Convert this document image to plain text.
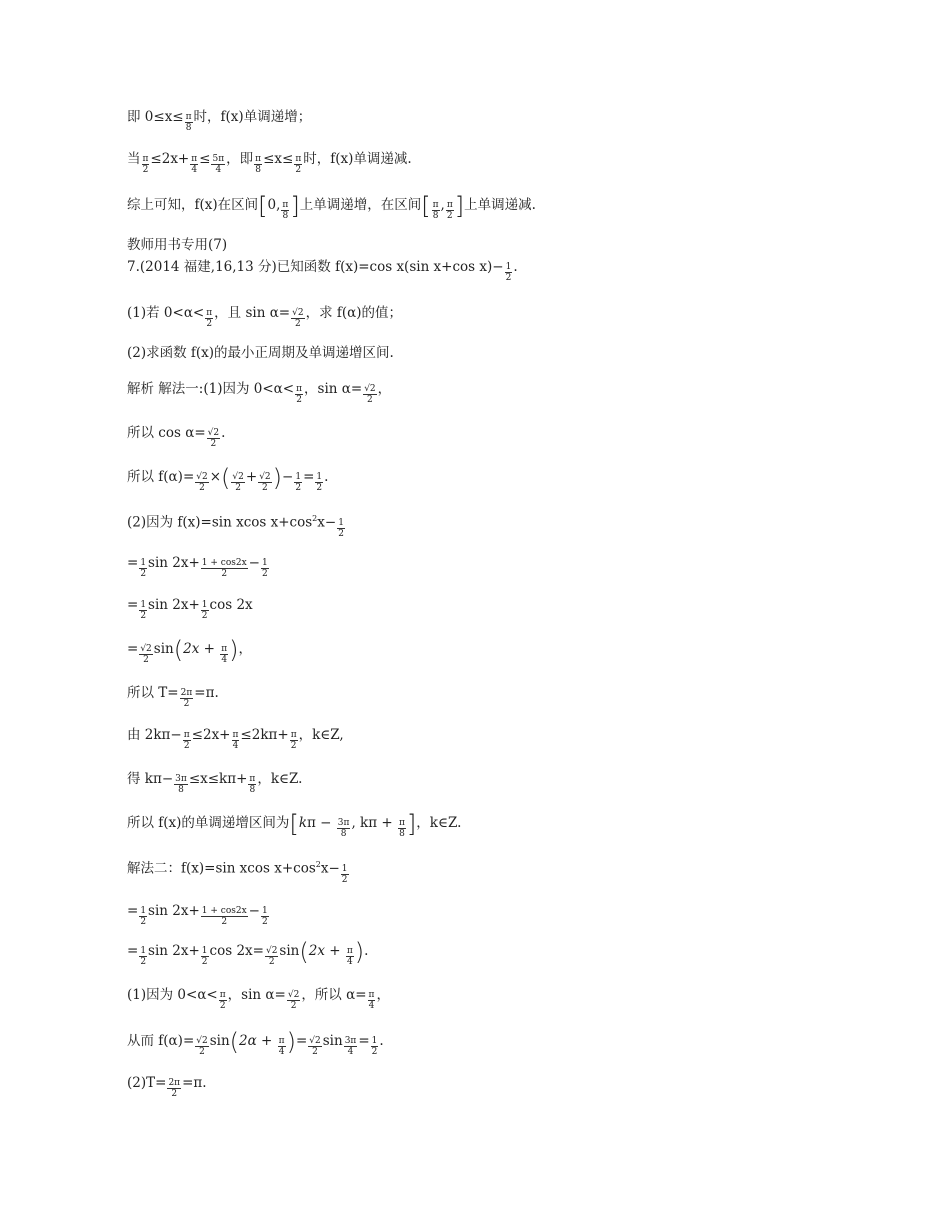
即 $0\le x\le \frac{\pi}{8}$ 时，f(x)单调递增；
当 $\frac{\pi}{2} \le 2x+ \frac{\pi}{4} \le \frac{5\pi}{4}$ ，即 $\frac{\pi}{8} \le x\le \frac{\pi}{2}$ 时，f(x)单调递减.
综上可知，f(x)在区间[0, $\frac{\pi}{8}$ ]上单调递增，在区间[ $\frac{\pi}{8}$ , $\frac{\pi}{2}$ ]上单调递减.
教师用书专用(7)
7.(2014 福建,16,13 分)已知函数 f(x)=cos x(sin x+cos $x)- \frac{1}{2}$ .
(1)若 $0<\alpha< \frac{\pi}{2}$ ，且 $\sin \alpha= \frac{√2}{2}$ ，求 f(α)的值；
(2)求函数 f(x)的最小正周期及单调递增区间.
解析 解法一:(1)因为 $0<\alpha< \frac{\pi}{2}$ ，$\sin \alpha= \frac{√2}{2}$ ，
所以 $\cos \alpha= \frac{√2}{2}$ .
所以 $f(\alpha)= \frac{√2}{2}$ ×( $\frac{√2}{2} + \frac{√2}{2}$ )− $\frac{1}{2} = \frac{1}{2}$ .
(2)因为 f(x)=sin xcos $x+\cos^2x- \frac{1}{2}$
= $\frac{1}{2}$ $\sin 2x+ \frac{1 + \cos 2x}{2} - \frac{1}{2}$
= $\frac{1}{2}$ $\sin 2x+ \frac{1}{2}$ cos 2x
= $\frac{√2}{2} \sin(2x + \frac{\pi}{4}$ )，
所以 $T= \frac{2\pi}{2} =\pi$.
由 $2k\pi- \frac{\pi}{2} \le 2x+ \frac{\pi}{4} \le 2k\pi+ \frac{\pi}{2}$ ，k∈Z,
得 $k\pi- \frac{3\pi}{8} \le x\le k\pi+ \frac{\pi}{8}$ ，k∈Z.
所以 f(x)的单调递增区间为[$k\pi - \frac{3\pi}{8}$ , $k\pi + \frac{\pi}{8}$ ]，k∈Z.
解法二：f(x)=sin xcos $x+\cos^2x- \frac{1}{2}$
= $\frac{1}{2}$ $\sin 2x+ \frac{1 + \cos 2x}{2} - \frac{1}{2}$
= $\frac{1}{2}$ $\sin 2x+ \frac{1}{2}$ $\cos 2x= \frac{√2}{2} \sin(2x + \frac{\pi}{4}$ ).
(1)因为 $0<\alpha< \frac{\pi}{2}$ ，$\sin \alpha= \frac{√2}{2}$ ，所以 $\alpha= \frac{\pi}{4}$ ，
从而 $f(\alpha)= \frac{√2}{2} \sin(2\alpha + \frac{\pi}{4}$ )= $\frac{√2}{2}$ $\sin \frac{3\pi}{4} = \frac{1}{2}$ .
$(2)T= \frac{2\pi}{2} =\pi$.
